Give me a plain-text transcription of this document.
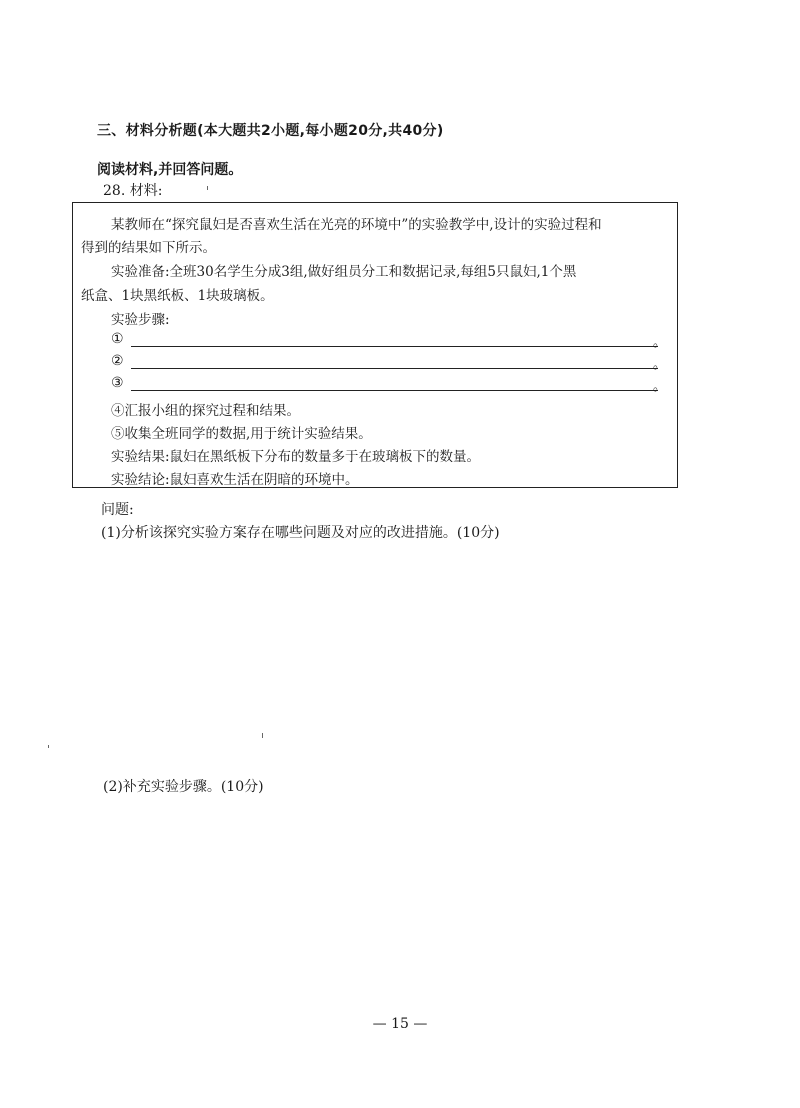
三、材料分析题(本大题共2小题,每小题20分,共40分)
阅读材料,并回答问题。
28. 材料:
某教师在“探究鼠妇是否喜欢生活在光亮的环境中”的实验教学中,设计的实验过程和
得到的结果如下所示。
实验准备:全班30名学生分成3组,做好组员分工和数据记录,每组5只鼠妇,1个黑
纸盒、1块黑纸板、1块玻璃板。
实验步骤:
①	。
②	。
③	。
④汇报小组的探究过程和结果。
⑤收集全班同学的数据,用于统计实验结果。
实验结果:鼠妇在黑纸板下分布的数量多于在玻璃板下的数量。
实验结论:鼠妇喜欢生活在阴暗的环境中。
问题:
(1)分析该探究实验方案存在哪些问题及对应的改进措施。(10分)
(2)补充实验步骤。(10分)
— 15 —
